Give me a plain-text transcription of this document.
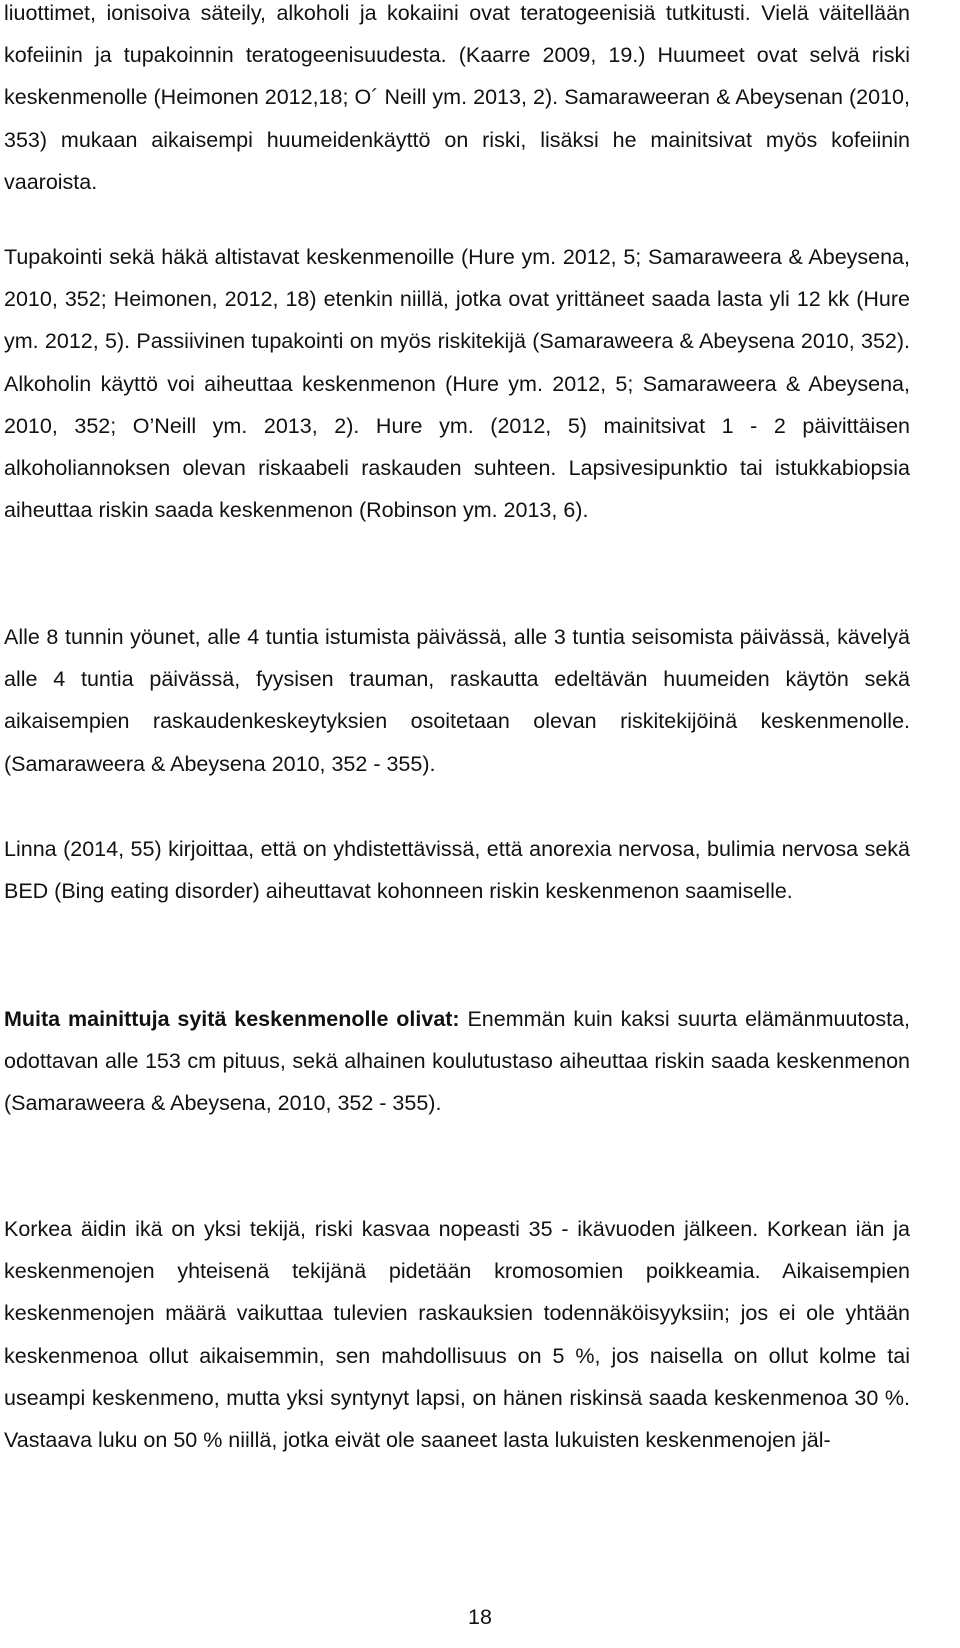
liuottimet, ionisoiva säteily, alkoholi ja kokaiini ovat teratogeenisiä tutkitusti. Vielä väitellään kofeiinin ja tupakoinnin teratogeenisuudesta. (Kaarre 2009, 19.) Huumeet ovat selvä riski keskenmenolle (Heimonen 2012,18; O´ Neill ym. 2013, 2). Samaraweeran & Abeysenan (2010, 353) mukaan aikaisempi huumeidenkäyttö on riski, lisäksi he mainitsivat myös kofeiinin vaaroista.

Tupakointi sekä häkä altistavat keskenmenoille (Hure ym. 2012, 5; Samaraweera & Abeysena, 2010, 352; Heimonen, 2012, 18) etenkin niillä, jotka ovat yrittäneet saada lasta yli 12 kk (Hure ym. 2012, 5). Passiivinen tupakointi on myös riskitekijä (Samaraweera & Abeysena 2010, 352). Alkoholin käyttö voi aiheuttaa keskenmenon (Hure ym. 2012, 5; Samaraweera & Abeysena, 2010, 352; O’Neill ym. 2013, 2). Hure ym. (2012, 5) mainitsivat 1 - 2 päivittäisen alkoholiannoksen olevan riskaabeli raskauden suhteen. Lapsivesipunktio tai istukkabiopsia aiheuttaa riskin saada keskenmenon (Robinson ym. 2013, 6).

Alle 8 tunnin yöunet, alle 4 tuntia istumista päivässä, alle 3 tuntia seisomista päivässä, kävelyä alle 4 tuntia päivässä, fyysisen trauman, raskautta edeltävän huumeiden käytön sekä aikaisempien raskaudenkeskeytyksien osoitetaan olevan riskitekijöinä keskenmenolle. (Samaraweera & Abeysena 2010, 352 - 355).

Linna (2014, 55) kirjoittaa, että on yhdistettävissä, että anorexia nervosa, bulimia nervosa sekä BED (Bing eating disorder) aiheuttavat kohonneen riskin keskenmenon saamiselle.

Muita mainittuja syitä keskenmenolle olivat: Enemmän kuin kaksi suurta elämänmuutosta, odottavan alle 153 cm pituus, sekä alhainen koulutustaso aiheuttaa riskin saada keskenmenon (Samaraweera & Abeysena, 2010, 352 - 355).

Korkea äidin ikä on yksi tekijä, riski kasvaa nopeasti 35 - ikävuoden jälkeen. Korkean iän ja keskenmenojen yhteisenä tekijänä pidetään kromosomien poikkeamia. Aikaisempien keskenmenojen määrä vaikuttaa tulevien raskauksien todennäköisyyksiin; jos ei ole yhtään keskenmenoa ollut aikaisemmin, sen mahdollisuus on 5 %, jos naisella on ollut kolme tai useampi keskenmeno, mutta yksi syntynyt lapsi, on hänen riskinsä saada keskenmenoa 30 %. Vastaava luku on 50 % niillä, jotka eivät ole saaneet lasta lukuisten keskenmenojen jäl-

18
